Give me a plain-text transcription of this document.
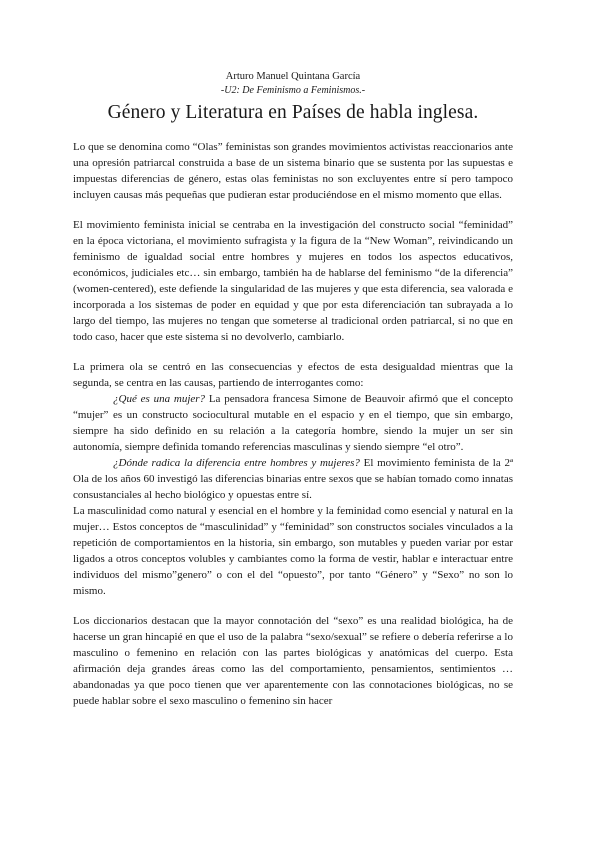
Arturo Manuel Quintana García
-U2: De Feminismo a Feminismos.-
Género y Literatura en Países de habla inglesa.

Lo que se denomina como “Olas” feministas son grandes movimientos activistas reaccionarios ante una opresión patriarcal construida a base de un sistema binario que se sustenta por las supuestas e impuestas diferencias de género, estas olas feministas no son excluyentes entre sí pero tampoco incluyen causas más pequeñas que pudieran estar produciéndose en el mismo momento que ellas.

El movimiento feminista inicial se centraba en la investigación del constructo social “feminidad” en la época victoriana, el movimiento sufragista y la figura de la “New Woman”, reivindicando un feminismo de igualdad social entre hombres y mujeres en todos los aspectos educativos, económicos, judiciales etc… sin embargo, también ha de hablarse del feminismo “de la diferencia” (women-centered), este defiende la singularidad de las mujeres y que esta diferencia, sea valorada e incorporada a los sistemas de poder en equidad y que por esta diferenciación tan subrayada a lo largo del tiempo, las mujeres no tengan que someterse al tradicional orden patriarcal, si no que en todo caso, hacer que este sistema si no devolverlo, cambiarlo.

La primera ola se centró en las consecuencias y efectos de esta desigualdad mientras que la segunda, se centra en las causas, partiendo de interrogantes como:

¿Qué es una mujer? La pensadora francesa Simone de Beauvoir afirmó que el concepto “mujer” es un constructo sociocultural mutable en el espacio y en el tiempo, que sin embargo, siempre ha sido definido en su relación a la categoría hombre, siendo la mujer un ser sin autonomía, siempre definida tomando referencias masculinas y siendo siempre “el otro”.

¿Dónde radica la diferencia entre hombres y mujeres? El movimiento feminista de la 2ª Ola de los años 60 investigó las diferencias binarias entre sexos que se habían tomado como innatas consustanciales al hecho biológico y opuestas entre sí.

La masculinidad como natural y esencial en el hombre y la feminidad como esencial y natural en la mujer… Estos conceptos de “masculinidad” y “feminidad” son constructos sociales vinculados a la repetición de comportamientos en la historia, sin embargo, son mutables y pueden variar por estar ligados a otros conceptos volubles y cambiantes como la forma de vestir, hablar e interactuar entre individuos del mismo”genero” o con el del “opuesto”, por tanto “Género” y “Sexo” no son lo mismo.

Los diccionarios destacan que la mayor connotación del “sexo” es una realidad biológica, ha de hacerse un gran hincapié en que el uso de la palabra “sexo/sexual” se refiere o debería referirse a lo masculino o femenino en relación con las partes biológicas y anatómicas del cuerpo. Esta afirmación deja grandes áreas como las del comportamiento, pensamientos, sentimientos … abandonadas ya que poco tienen que ver aparentemente con las connotaciones biológicas, no se puede hablar sobre el sexo masculino o femenino sin hacer
